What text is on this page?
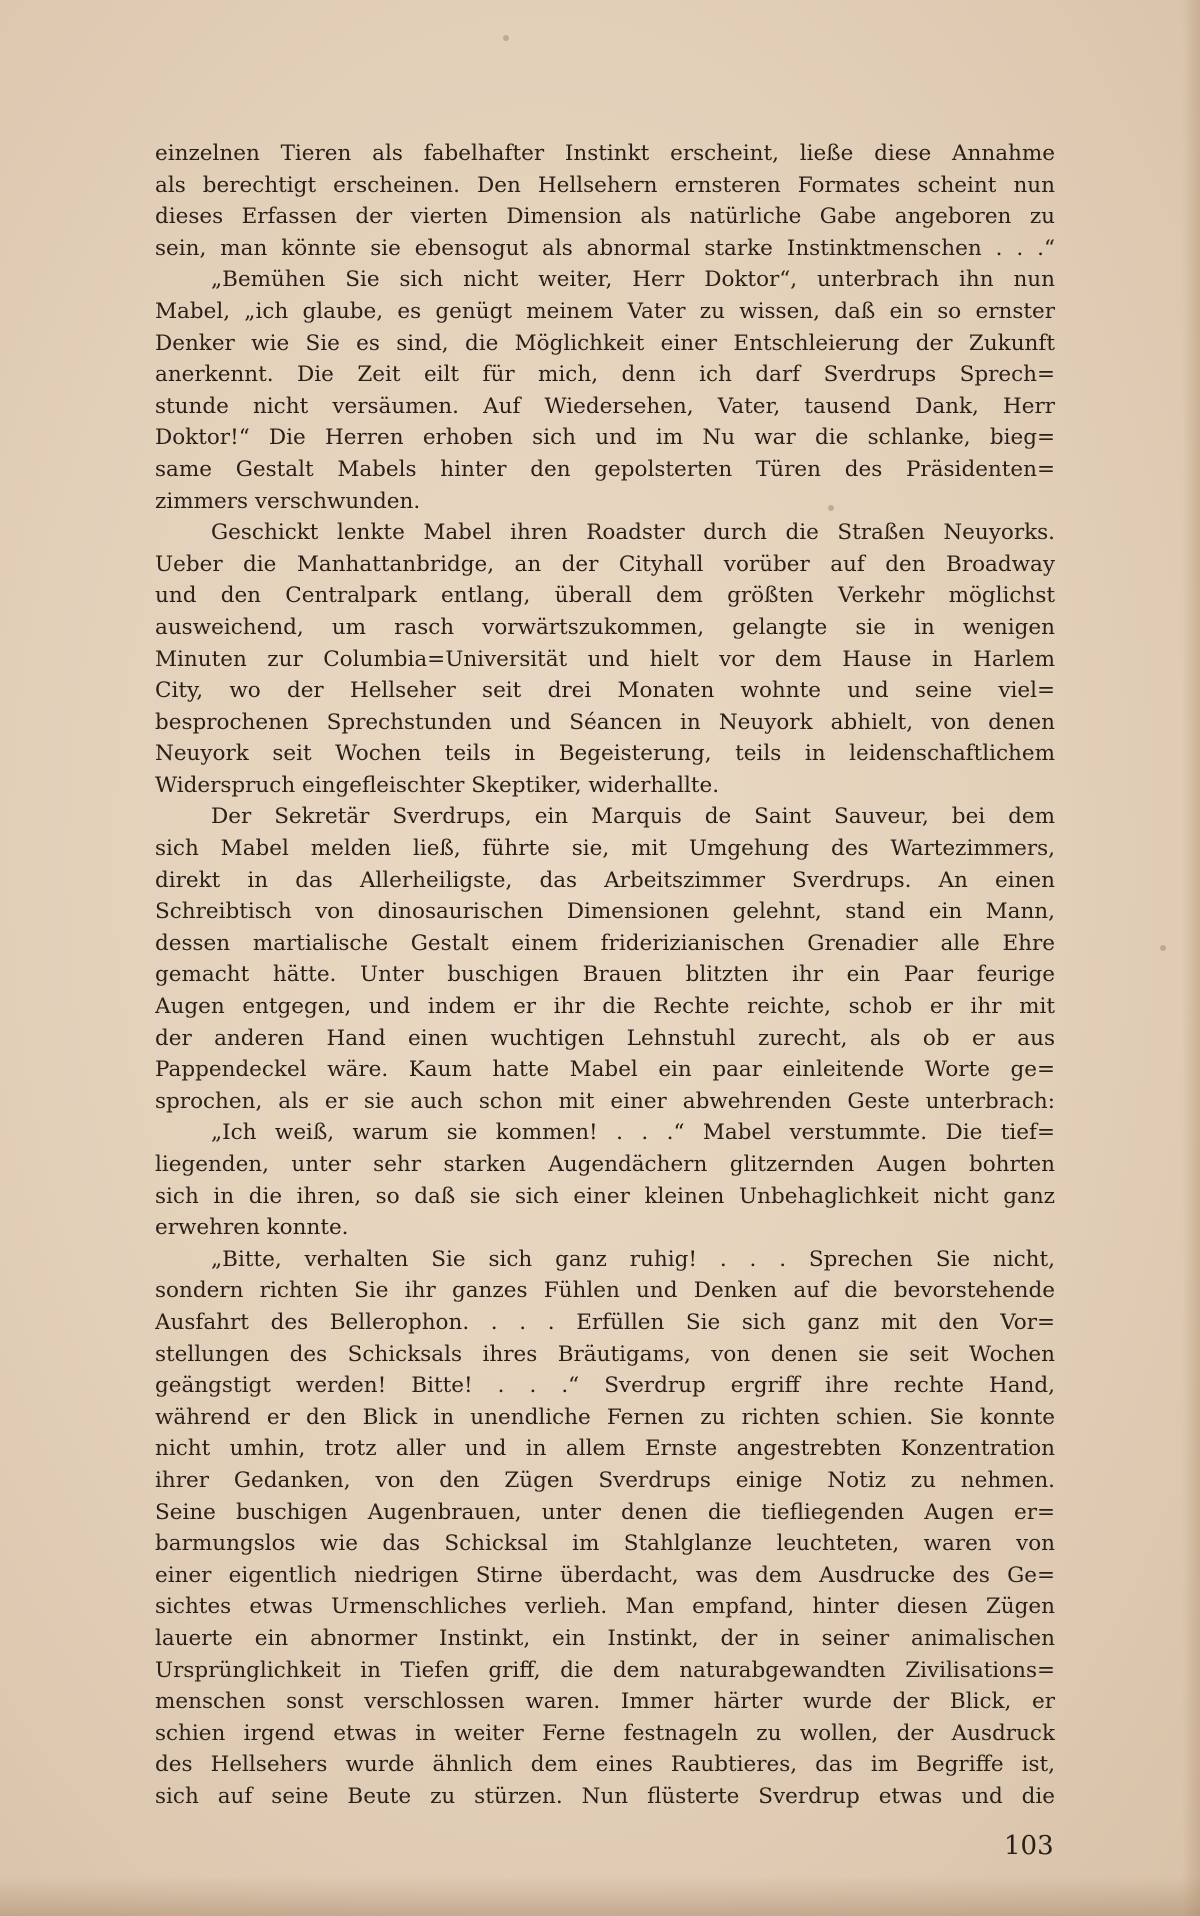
einzelnen Tieren als fabelhafter Instinkt erscheint, ließe diese Annahme
als berechtigt erscheinen. Den Hellsehern ernsteren Formates scheint nun
dieses Erfassen der vierten Dimension als natürliche Gabe angeboren zu
sein, man könnte sie ebensogut als abnormal starke Instinktmenschen . . .“
„Bemühen Sie sich nicht weiter, Herr Doktor“, unterbrach ihn nun
Mabel, „ich glaube, es genügt meinem Vater zu wissen, daß ein so ernster
Denker wie Sie es sind, die Möglichkeit einer Entschleierung der Zukunft
anerkennt. Die Zeit eilt für mich, denn ich darf Sverdrups Sprech=
stunde nicht versäumen. Auf Wiedersehen, Vater, tausend Dank, Herr
Doktor!“ Die Herren erhoben sich und im Nu war die schlanke, bieg=
same Gestalt Mabels hinter den gepolsterten Türen des Präsidenten=
zimmers verschwunden.
Geschickt lenkte Mabel ihren Roadster durch die Straßen Neuyorks.
Ueber die Manhattanbridge, an der Cityhall vorüber auf den Broadway
und den Centralpark entlang, überall dem größten Verkehr möglichst
ausweichend, um rasch vorwärtszukommen, gelangte sie in wenigen
Minuten zur Columbia=Universität und hielt vor dem Hause in Harlem
City, wo der Hellseher seit drei Monaten wohnte und seine viel=
besprochenen Sprechstunden und Séancen in Neuyork abhielt, von denen
Neuyork seit Wochen teils in Begeisterung, teils in leidenschaftlichem
Widerspruch eingefleischter Skeptiker, widerhallte.
Der Sekretär Sverdrups, ein Marquis de Saint Sauveur, bei dem
sich Mabel melden ließ, führte sie, mit Umgehung des Wartezimmers,
direkt in das Allerheiligste, das Arbeitszimmer Sverdrups. An einen
Schreibtisch von dinosaurischen Dimensionen gelehnt, stand ein Mann,
dessen martialische Gestalt einem friderizianischen Grenadier alle Ehre
gemacht hätte. Unter buschigen Brauen blitzten ihr ein Paar feurige
Augen entgegen, und indem er ihr die Rechte reichte, schob er ihr mit
der anderen Hand einen wuchtigen Lehnstuhl zurecht, als ob er aus
Pappendeckel wäre. Kaum hatte Mabel ein paar einleitende Worte ge=
sprochen, als er sie auch schon mit einer abwehrenden Geste unterbrach:
„Ich weiß, warum sie kommen! . . .“ Mabel verstummte. Die tief=
liegenden, unter sehr starken Augendächern glitzernden Augen bohrten
sich in die ihren, so daß sie sich einer kleinen Unbehaglichkeit nicht ganz
erwehren konnte.
„Bitte, verhalten Sie sich ganz ruhig! . . . Sprechen Sie nicht,
sondern richten Sie ihr ganzes Fühlen und Denken auf die bevorstehende
Ausfahrt des Bellerophon. . . . Erfüllen Sie sich ganz mit den Vor=
stellungen des Schicksals ihres Bräutigams, von denen sie seit Wochen
geängstigt werden! Bitte! . . .“ Sverdrup ergriff ihre rechte Hand,
während er den Blick in unendliche Fernen zu richten schien. Sie konnte
nicht umhin, trotz aller und in allem Ernste angestrebten Konzentration
ihrer Gedanken, von den Zügen Sverdrups einige Notiz zu nehmen.
Seine buschigen Augenbrauen, unter denen die tiefliegenden Augen er=
barmungslos wie das Schicksal im Stahlglanze leuchteten, waren von
einer eigentlich niedrigen Stirne überdacht, was dem Ausdrucke des Ge=
sichtes etwas Urmenschliches verlieh. Man empfand, hinter diesen Zügen
lauerte ein abnormer Instinkt, ein Instinkt, der in seiner animalischen
Ursprünglichkeit in Tiefen griff, die dem naturabgewandten Zivilisations=
menschen sonst verschlossen waren. Immer härter wurde der Blick, er
schien irgend etwas in weiter Ferne festnageln zu wollen, der Ausdruck
des Hellsehers wurde ähnlich dem eines Raubtieres, das im Begriffe ist,
sich auf seine Beute zu stürzen. Nun flüsterte Sverdrup etwas und die
103
